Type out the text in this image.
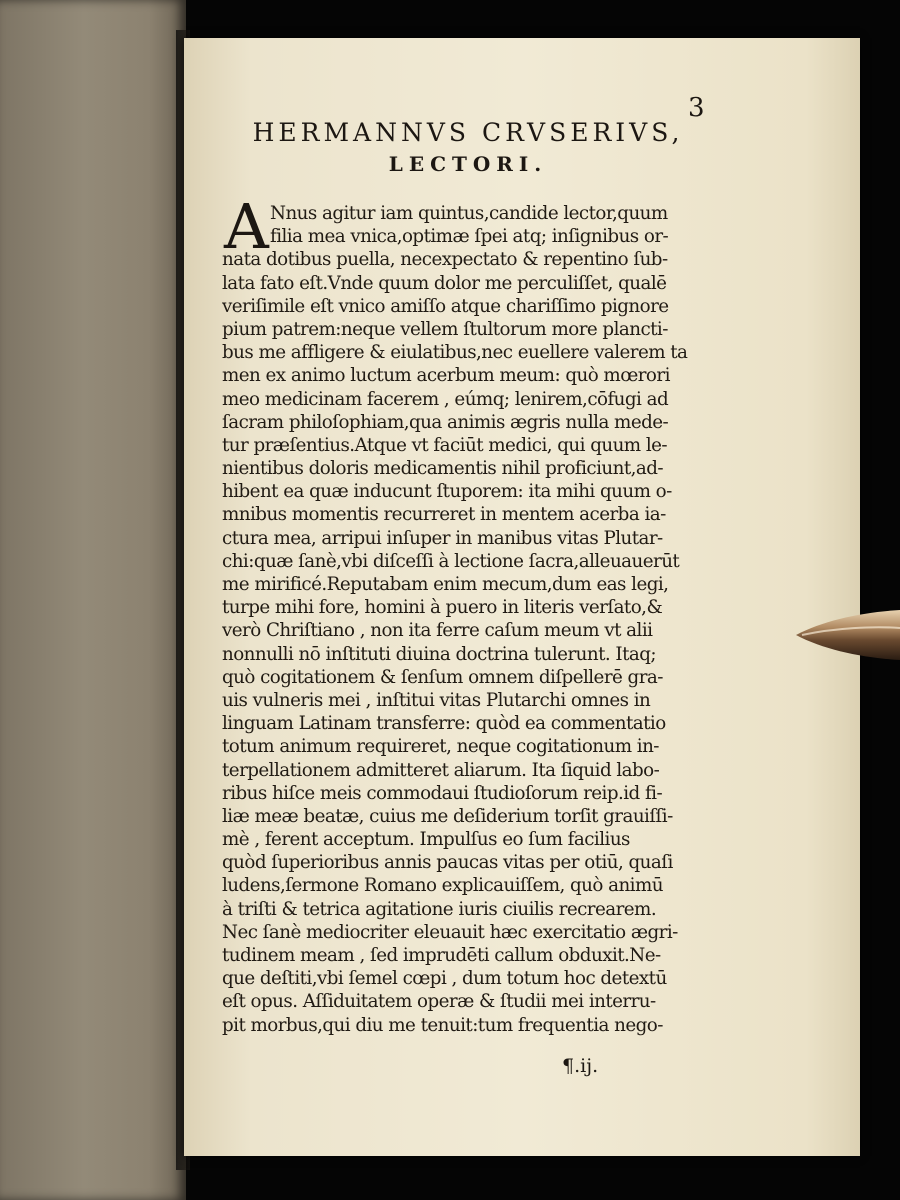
3
HERMANNVS CRVSERIVS,
LECTORI.
A Nnus agitur iam quintus,candide lector,quum
filia mea vnica,optimæ ſpei atq; inſignibus or-
nata dotibus puella, necexpectato & repentino ſub-
lata fato eſt.Vnde quum dolor me perculiſſet, qualē
veriſimile eſt vnico amiſſo atque chariſſimo pignore
pium patrem:neque vellem ſtultorum more plancti-
bus me affligere & eiulatibus,nec euellere valerem ta
men ex animo luctum acerbum meum: quò mœrori
meo medicinam facerem , eúmq; lenirem,cōfugi ad
ſacram philoſophiam,qua animis ægris nulla mede-
tur præſentius.Atque vt faciūt medici, qui quum le-
nientibus doloris medicamentis nihil proficiunt,ad-
hibent ea quæ inducunt ſtuporem: ita mihi quum o-
mnibus momentis recurreret in mentem acerba ia-
ctura mea, arripui inſuper in manibus vitas Plutar-
chi:quæ ſanè,vbi diſceſſi à lectione ſacra,alleuauerūt
me mirificé.Reputabam enim mecum,dum eas legi,
turpe mihi fore, homini à puero in literis verſato,&
verò Chriſtiano , non ita ferre caſum meum vt alii
nonnulli nō inſtituti diuina doctrina tulerunt. Itaq;
quò cogitationem & ſenſum omnem diſpellerē gra-
uis vulneris mei , inſtitui vitas Plutarchi omnes in
linguam Latinam transferre: quòd ea commentatio
totum animum requireret, neque cogitationum in-
terpellationem admitteret aliarum. Ita ſiquid labo-
ribus hiſce meis commodaui ſtudioſorum reip.id fi-
liæ meæ beatæ, cuius me deſiderium torſit grauiſſi-
mè , ferent acceptum. Impulſus eo ſum facilius
quòd ſuperioribus annis paucas vitas per otiū, quaſi
ludens,ſermone Romano explicauiſſem, quò animū
à triſti & tetrica agitatione iuris ciuilis recrearem.
Nec ſanè mediocriter eleuauit hæc exercitatio ægri-
tudinem meam , ſed imprudēti callum obduxit.Ne-
que deſtiti,vbi ſemel cœpi , dum totum hoc detextū
eſt opus. Aſſiduitatem operæ & ſtudii mei interru-
pit morbus,qui diu me tenuit:tum frequentia nego-
¶.ij.
